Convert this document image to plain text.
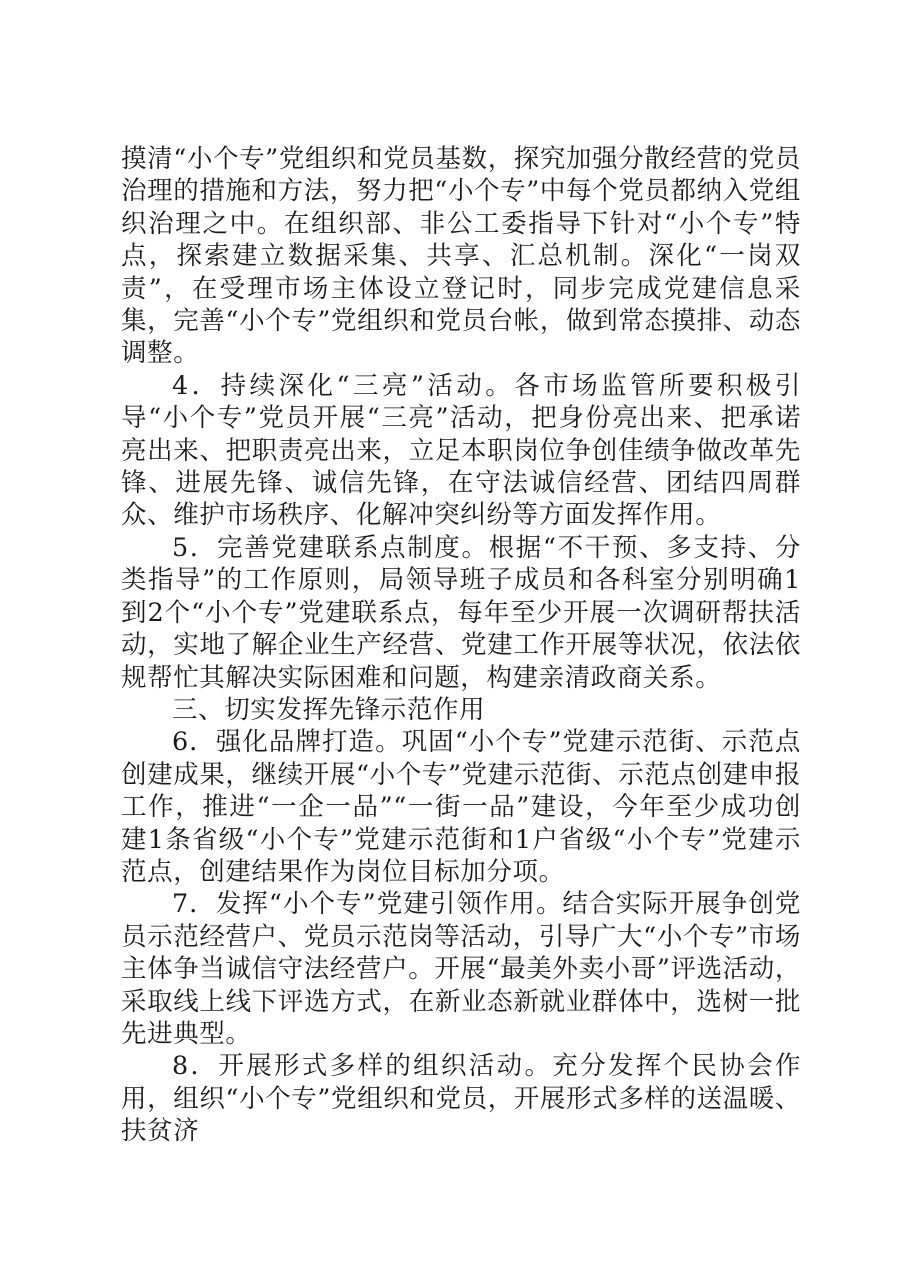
摸清“小个专”党组织和党员基数，探究加强分散经营的党员治理的措施和方法，努力把“小个专”中每个党员都纳入党组织治理之中。在组织部、非公工委指导下针对“小个专”特点，探索建立数据采集、共享、汇总机制。深化“一岗双责”，在受理市场主体设立登记时，同步完成党建信息采集，完善“小个专”党组织和党员台帐，做到常态摸排、动态调整。

4．持续深化“三亮”活动。各市场监管所要积极引导“小个专”党员开展“三亮”活动，把身份亮出来、把承诺亮出来、把职责亮出来，立足本职岗位争创佳绩争做改革先锋、进展先锋、诚信先锋，在守法诚信经营、团结四周群众、维护市场秩序、化解冲突纠纷等方面发挥作用。

5．完善党建联系点制度。根据“不干预、多支持、分类指导”的工作原则，局领导班子成员和各科室分别明确1到2个“小个专”党建联系点，每年至少开展一次调研帮扶活动，实地了解企业生产经营、党建工作开展等状况，依法依规帮忙其解决实际困难和问题，构建亲清政商关系。

三、切实发挥先锋示范作用

6．强化品牌打造。巩固“小个专”党建示范街、示范点创建成果，继续开展“小个专”党建示范街、示范点创建申报工作，推进“一企一品”“一街一品”建设，今年至少成功创建1条省级“小个专”党建示范街和1户省级“小个专”党建示范点，创建结果作为岗位目标加分项。

7．发挥“小个专”党建引领作用。结合实际开展争创党员示范经营户、党员示范岗等活动，引导广大“小个专”市场主体争当诚信守法经营户。开展“最美外卖小哥”评选活动，采取线上线下评选方式，在新业态新就业群体中，选树一批先进典型。

8．开展形式多样的组织活动。充分发挥个民协会作用，组织“小个专”党组织和党员，开展形式多样的送温暖、扶贫济
